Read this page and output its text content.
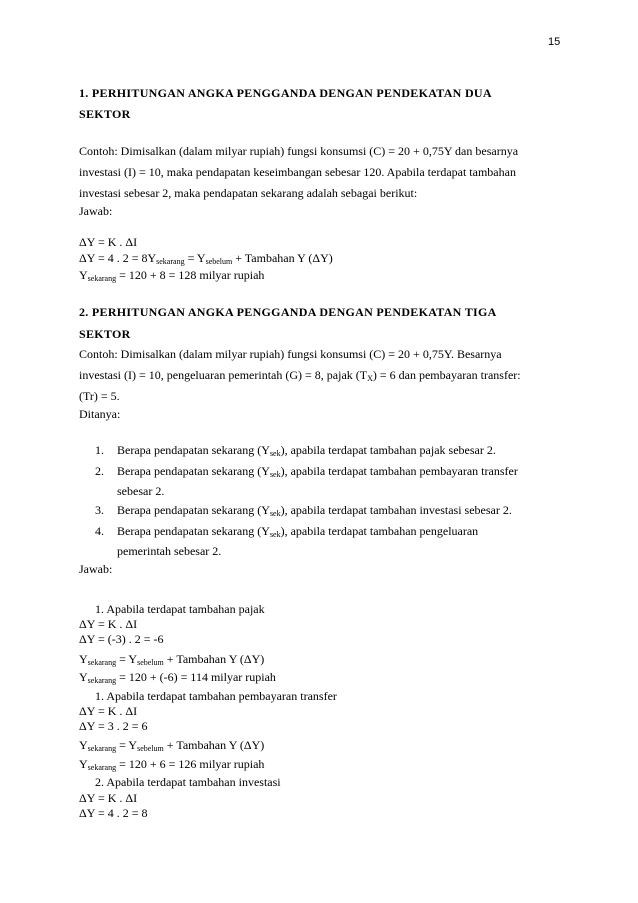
15
1. PERHITUNGAN ANGKA PENGGANDA DENGAN PENDEKATAN DUA
SEKTOR
Contoh: Dimisalkan (dalam milyar rupiah) fungsi konsumsi (C) = 20 + 0,75Y dan besarnya
investasi (I) = 10, maka pendapatan keseimbangan sebesar 120. Apabila terdapat tambahan
investasi sebesar 2, maka pendapatan sekarang adalah sebagai berikut:
Jawab:
ΔY = K . ΔI
ΔY = 4 . $2 = 8Y_{sekarang} = Y_{sebelum}$ + Tambahan Y (ΔY)
$Y_{sekarang} = 120 + 8 = 128$ milyar rupiah
2. PERHITUNGAN ANGKA PENGGANDA DENGAN PENDEKATAN TIGA
SEKTOR
Contoh: Dimisalkan (dalam milyar rupiah) fungsi konsumsi (C) = 20 + 0,75Y. Besarnya
investasi (I) = 10, pengeluaran pemerintah (G) = 8, pajak $(T_X) = 6$ dan pembayaran transfer:
(Tr) = 5.
Ditanya:
1. Berapa pendapatan sekarang $(Y_{sek})$, apabila terdapat tambahan pajak sebesar 2.
2. Berapa pendapatan sekarang $(Y_{sek})$, apabila terdapat tambahan pembayaran transfer
sebesar 2.
3. Berapa pendapatan sekarang $(Y_{sek})$, apabila terdapat tambahan investasi sebesar 2.
4. Berapa pendapatan sekarang $(Y_{sek})$, apabila terdapat tambahan pengeluaran
pemerintah sebesar 2.
Jawab:
1. Apabila terdapat tambahan pajak
ΔY = K . ΔI
ΔY = (-3) . 2 = -6
$Y_{sekarang} = Y_{sebelum}$ + Tambahan Y (ΔY)
$Y_{sekarang} = 120 + (-6) = 114$ milyar rupiah
1. Apabila terdapat tambahan pembayaran transfer
ΔY = K . ΔI
ΔY = 3 . 2 = 6
$Y_{sekarang} = Y_{sebelum}$ + Tambahan Y (ΔY)
$Y_{sekarang} = 120 + 6 = 126$ milyar rupiah
2. Apabila terdapat tambahan investasi
ΔY = K . ΔI
ΔY = 4 . 2 = 8
